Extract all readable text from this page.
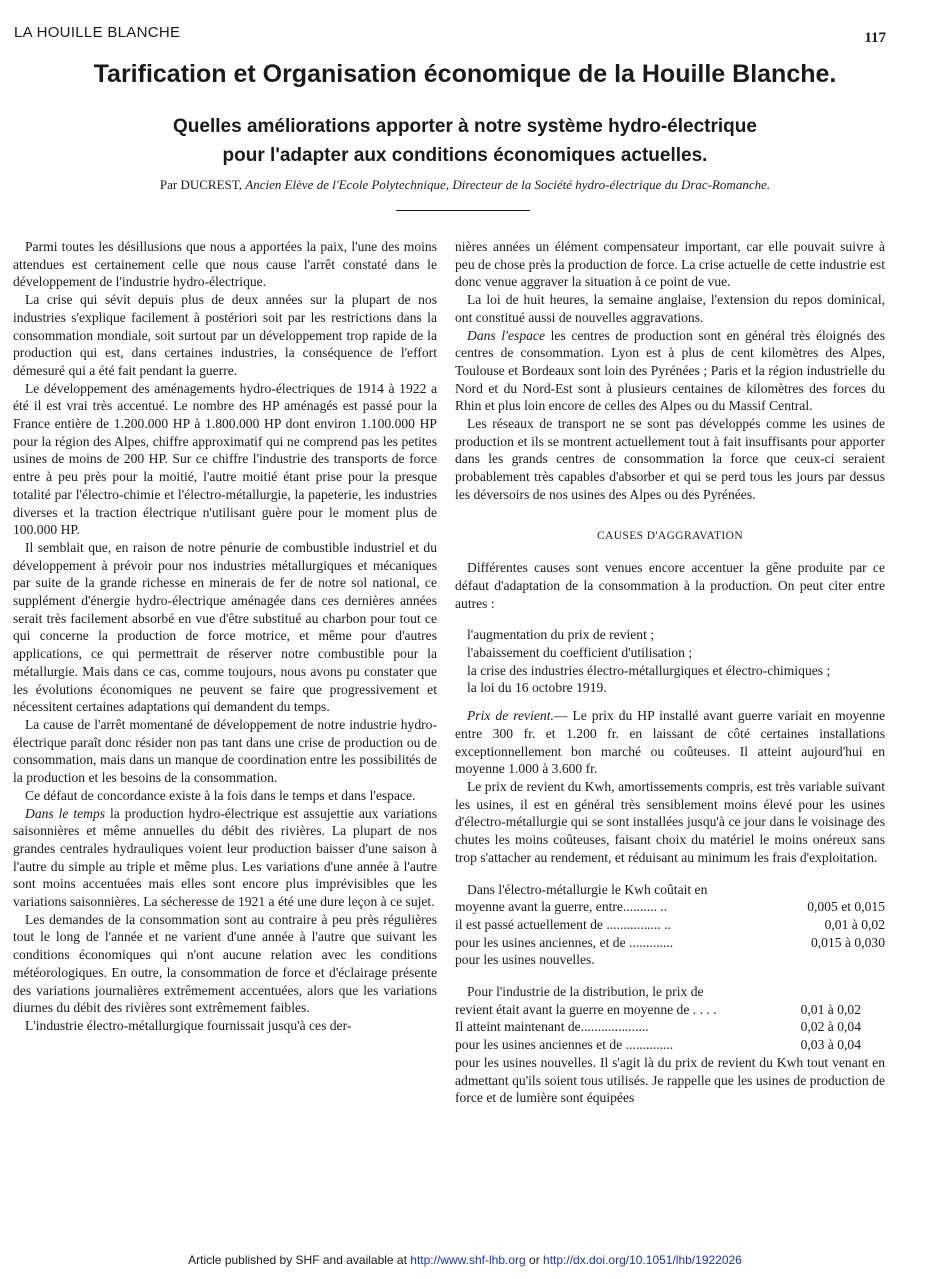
LA HOUILLE BLANCHE	117
Tarification et Organisation économique de la Houille Blanche.
Quelles améliorations apporter à notre système hydro-électrique
pour l'adapter aux conditions économiques actuelles.
Par DUCREST, Ancien Elève de l'Ecole Polytechnique, Directeur de la Société hydro-électrique du Drac-Romanche.

Parmi toutes les désillusions que nous a apportées la paix, l'une des moins attendues est certainement celle que nous cause l'arrêt constaté dans le développement de l'industrie hydro-électrique.

La crise qui sévit depuis plus de deux années sur la plupart de nos industries s'explique facilement à postériori soit par les restrictions dans la consommation mondiale, soit surtout par un développement trop rapide de la production qui est, dans certaines industries, la conséquence de l'effort démesuré qui a été fait pendant la guerre.

Le développement des aménagements hydro-électriques de 1914 à 1922 a été il est vrai très accentué. Le nombre des HP aménagés est passé pour la France entière de 1.200.000 HP à 1.800.000 HP dont environ 1.100.000 HP pour la région des Alpes, chiffre approximatif qui ne comprend pas les petites usines de moins de 200 HP. Sur ce chiffre l'industrie des transports de force entre à peu près pour la moitié, l'autre moitié étant prise pour la presque totalité par l'électro-chimie et l'électro-métallurgie, la papeterie, les industries diverses et la traction électrique n'utilisant guère pour le moment plus de 100.000 HP.

Il semblait que, en raison de notre pénurie de combustible industriel et du développement à prévoir pour nos industries métallurgiques et mécaniques par suite de la grande richesse en minerais de fer de notre sol national, ce supplément d'énergie hydro-électrique aménagée dans ces dernières années serait très facilement absorbé en vue d'être substitué au charbon pour tout ce qui concerne la production de force motrice, et même pour d'autres applications, ce qui permettrait de réserver notre combustible pour la métallurgie. Mais dans ce cas, comme toujours, nous avons pu constater que les évolutions économiques ne peuvent se faire que progressivement et nécessitent certaines adaptations qui demandent du temps.

La cause de l'arrêt momentané de développement de notre industrie hydro-électrique paraît donc résider non pas tant dans une crise de production ou de consommation, mais dans un manque de coordination entre les possibilités de la production et les besoins de la consommation.

Ce défaut de concordance existe à la fois dans le temps et dans l'espace.

Dans le temps la production hydro-électrique est assujettie aux variations saisonnières et même annuelles du débit des rivières. La plupart de nos grandes centrales hydrauliques voient leur production baisser d'une saison à l'autre du simple au triple et même plus. Les variations d'une année à l'autre sont moins accentuées mais elles sont encore plus imprévisibles que les variations saisonnières. La sécheresse de 1921 a été une dure leçon à ce sujet.

Les demandes de la consommation sont au contraire à peu près régulières tout le long de l'année et ne varient d'une année à l'autre que suivant les conditions économiques qui n'ont aucune relation avec les conditions météorologiques. En outre, la consommation de force et d'éclairage présente des variations journalières extrêmement accentuées, alors que les variations diurnes du débit des rivières sont extrêmement faibles.

L'industrie électro-métallurgique fournissait jusqu'à ces der-

nières années un élément compensateur important, car elle pouvait suivre à peu de chose près la production de force. La crise actuelle de cette industrie est donc venue aggraver la situation à ce point de vue.

La loi de huit heures, la semaine anglaise, l'extension du repos dominical, ont constitué aussi de nouvelles aggravations.

Dans l'espace les centres de production sont en général très éloignés des centres de consommation. Lyon est à plus de cent kilomètres des Alpes, Toulouse et Bordeaux sont loin des Pyrénées ; Paris et la région industrielle du Nord et du Nord-Est sont à plusieurs centaines de kilomètres des forces du Rhin et plus loin encore de celles des Alpes ou du Massif Central.

Les réseaux de transport ne se sont pas développés comme les usines de production et ils se montrent actuellement tout à fait insuffisants pour apporter dans les grands centres de consommation la force que ceux-ci seraient probablement très capables d'absorber et qui se perd tous les jours par dessus les déversoirs de nos usines des Alpes ou des Pyrénées.

CAUSES D'AGGRAVATION

Différentes causes sont venues encore accentuer la gêne produite par ce défaut d'adaptation de la consommation à la production. On peut citer entre autres :

l'augmentation du prix de revient ;

l'abaissement du coefficient d'utilisation ;

la crise des industries électro-métallurgiques et électro-chimiques ;

la loi du 16 octobre 1919.

Prix de revient.— Le prix du HP installé avant guerre variait en moyenne entre 300 fr. et 1.200 fr. en laissant de côté certaines installations exceptionnellement bon marché ou coûteuses. Il atteint aujourd'hui en moyenne 1.000 à 3.600 fr.

Le prix de revient du Kwh, amortissements compris, est très variable suivant les usines, il est en général très sensiblement moins élevé pour les usines d'électro-métallurgie qui se sont installées jusqu'à ce jour dans le voisinage des chutes les moins coûteuses, faisant choix du matériel le moins onéreux sans trop s'attacher au rendement, et réduisant au minimum les frais d'exploitation.

Dans l'électro-métallurgie le Kwh coûtait en

moyenne avant la guerre, entre.......... ..	0,005 et 0,015
il est passé actuellement de ................ ..	0,01 à 0,02
pour les usines anciennes, et de .............	0,015 à 0,030

pour les usines nouvelles.

Pour l'industrie de la distribution, le prix de

revient était avant la guerre en moyenne de . . . .	0,01 à 0,02
Il atteint maintenant de....................	0,02 à 0,04
pour les usines anciennes et de ..............	0,03 à 0,04

pour les usines nouvelles. Il s'agit là du prix de revient du Kwh tout venant en admettant qu'ils soient tous utilisés. Je rappelle que les usines de production de force et de lumière sont équipées

Article published by SHF and available at http://www.shf-lhb.org or http://dx.doi.org/10.1051/lhb/1922026
